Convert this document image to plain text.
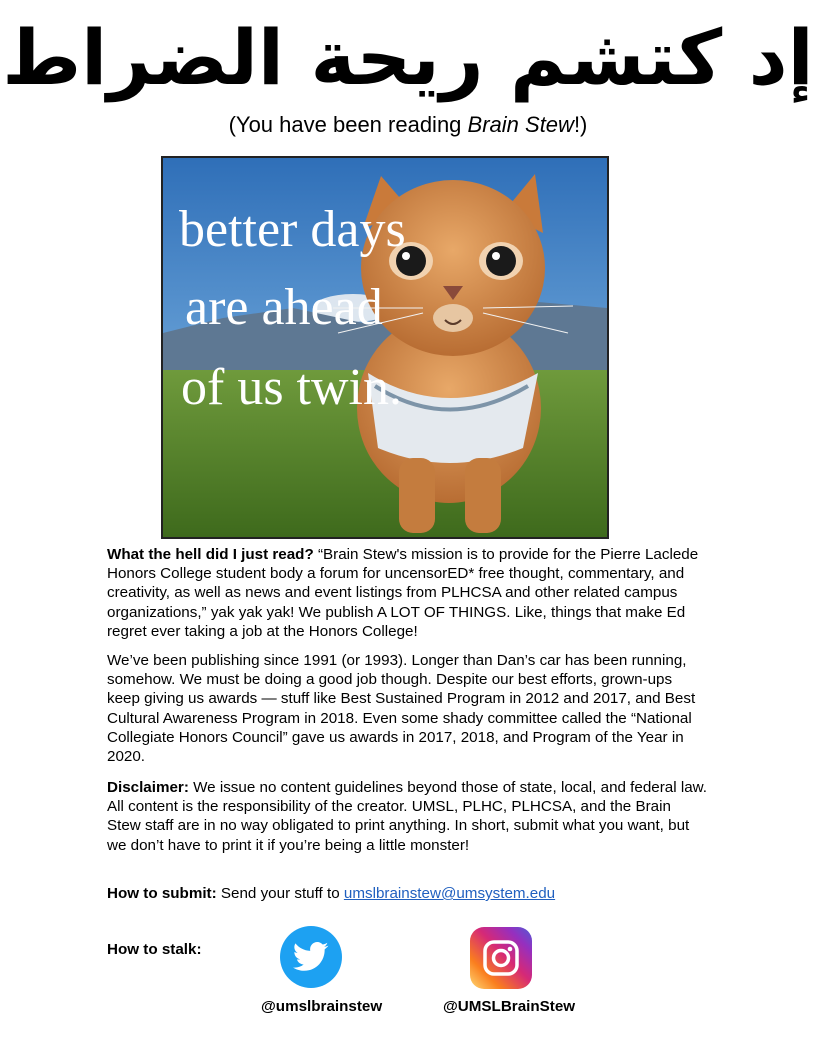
إد كتشم ريحة الضراط
(You have been reading Brain Stew!)
better days
are ahead
of us twin.

What the hell did I just read? “Brain Stew's mission is to provide for the Pierre Laclede Honors College student body a forum for uncensorED* free thought, commentary, and creativity, as well as news and event listings from PLHCSA and other related campus organizations,” yak yak yak! We publish A LOT OF THINGS. Like, things that make Ed regret ever taking a job at the Honors College!

We’ve been publishing since 1991 (or 1993). Longer than Dan’s car has been running, somehow. We must be doing a good job though. Despite our best efforts, grown-ups keep giving us awards — stuff like Best Sustained Program in 2012 and 2017, and Best Cultural Awareness Program in 2018. Even some shady committee called the “National Collegiate Honors Council” gave us awards in 2017, 2018, and Program of the Year in 2020.

Disclaimer: We issue no content guidelines beyond those of state, local, and federal law. All content is the responsibility of the creator. UMSL, PLHC, PLHCSA, and the Brain Stew staff are in no way obligated to print anything. In short, submit what you want, but we don’t have to print it if you’re being a little monster!

How to submit: Send your stuff to umslbrainstew@umsystem.edu

How to stalk:
@umslbrainstew	@UMSLBrainStew
